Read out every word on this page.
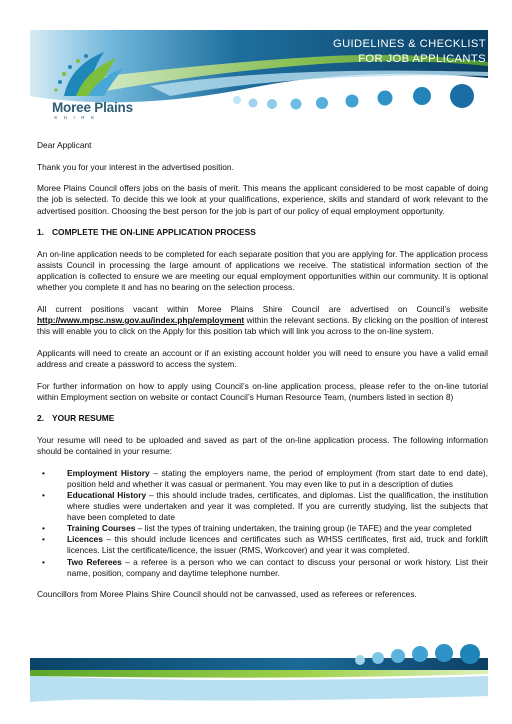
GUIDELINES & CHECKLIST
FOR JOB APPLICANTS
Moree Plains
SHIRE

Dear Applicant

Thank you for your interest in the advertised position.

Moree Plains Council offers jobs on the basis of merit. This means the applicant considered to be most capable of doing the job is selected. To decide this we look at your qualifications, experience, skills and standard of work relevant to the advertised position. Choosing the best person for the job is part of our policy of equal employment opportunity.

1. COMPLETE THE ON-LINE APPLICATION PROCESS

An on-line application needs to be completed for each separate position that you are applying for. The application process assists Council in processing the large amount of applications we receive. The statistical information section of the application is collected to ensure we are meeting our equal employment opportunities within our community. It is optional whether you complete it and has no bearing on the selection process.

All current positions vacant within Moree Plains Shire Council are advertised on Council’s website http://www.mpsc.nsw.gov.au/index.php/employment within the relevant sections. By clicking on the position of interest this will enable you to click on the Apply for this position tab which will link you across to the on-line system.

Applicants will need to create an account or if an existing account holder you will need to ensure you have a valid email address and create a password to access the system.

For further information on how to apply using Council’s on-line application process, please refer to the on-line tutorial within Employment section on website or contact Council’s Human Resource Team, (numbers listed in section 8)

2. YOUR RESUME

Your resume will need to be uploaded and saved as part of the on-line application process. The following information should be contained in your resume:

•	Employment History – stating the employers name, the period of employment (from start date to end date), position held and whether it was casual or permanent. You may even like to put in a description of duties
•	Educational History – this should include trades, certificates, and diplomas. List the qualification, the institution where studies were undertaken and year it was completed. If you are currently studying, list the subjects that have been completed to date
•	Training Courses – list the types of training undertaken, the training group (ie TAFE) and the year completed
•	Licences – this should include licences and certificates such as WHSS certificates, first aid, truck and forklift licences. List the certificate/licence, the issuer (RMS, Workcover) and year it was completed.
•	Two Referees – a referee is a person who we can contact to discuss your personal or work history. List their name, position, company and daytime telephone number.

Councillors from Moree Plains Shire Council should not be canvassed, used as referees or references.
